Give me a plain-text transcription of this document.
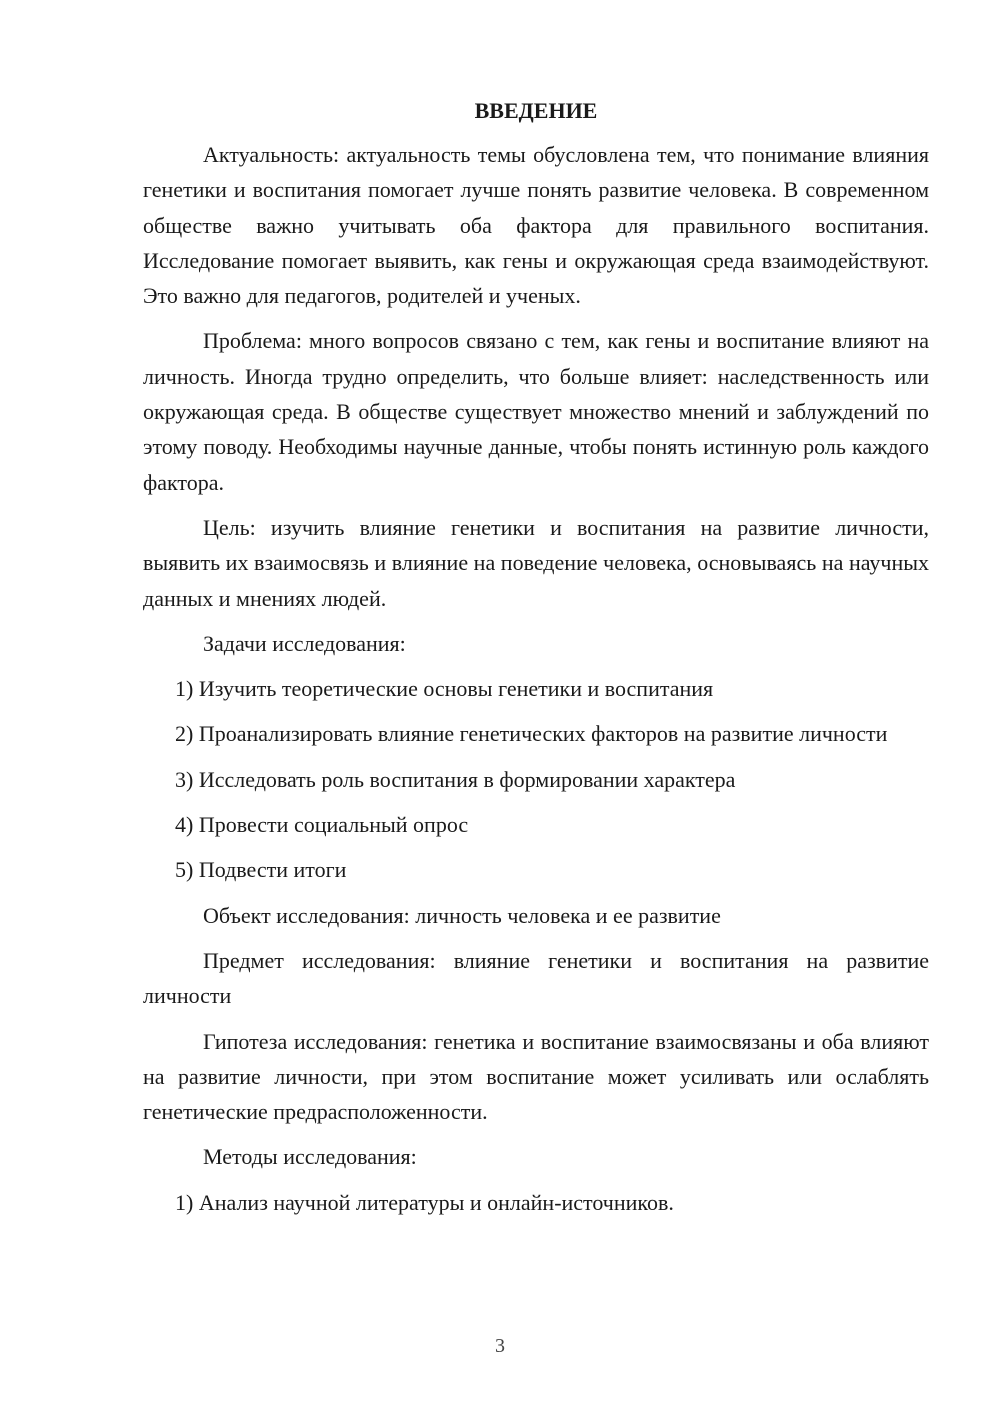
ВВЕДЕНИЕ

Актуальность: актуальность темы обусловлена тем, что понимание влияния генетики и воспитания помогает лучше понять развитие человека. В современном обществе важно учитывать оба фактора для правильного воспитания. Исследование помогает выявить, как гены и окружающая среда взаимодействуют. Это важно для педагогов, родителей и ученых.

Проблема: много вопросов связано с тем, как гены и воспитание влияют на личность. Иногда трудно определить, что больше влияет: наследственность или окружающая среда. В обществе существует множество мнений и заблуждений по этому поводу. Необходимы научные данные, чтобы понять истинную роль каждого фактора.

Цель: изучить влияние генетики и воспитания на развитие личности, выявить их взаимосвязь и влияние на поведение человека, основываясь на научных данных и мнениях людей.

Задачи исследования:

1) Изучить теоретические основы генетики и воспитания

2) Проанализировать влияние генетических факторов на развитие личности

3) Исследовать роль воспитания в формировании характера

4) Провести социальный опрос

5) Подвести итоги

Объект исследования: личность человека и ее развитие

Предмет исследования: влияние генетики и воспитания на развитие личности

Гипотеза исследования: генетика и воспитание взаимосвязаны и оба влияют на развитие личности, при этом воспитание может усиливать или ослаблять генетические предрасположенности.

Методы исследования:

1) Анализ научной литературы и онлайн-источников.

3
